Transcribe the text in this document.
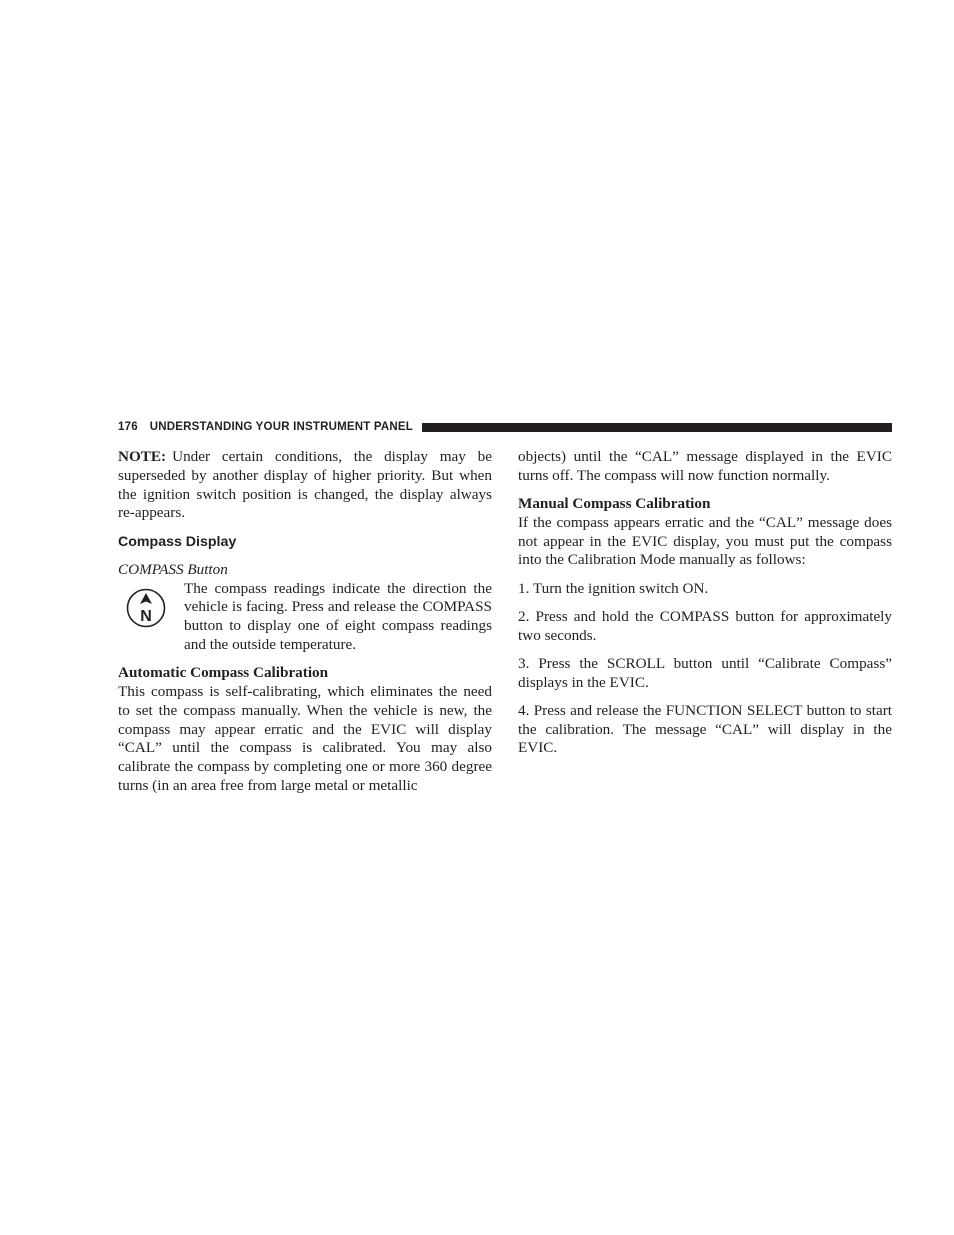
176 UNDERSTANDING YOUR INSTRUMENT PANEL

NOTE: Under certain conditions, the display may be superseded by another display of higher priority. But when the ignition switch position is changed, the display always re-appears.

Compass Display
COMPASS Button
N

The compass readings indicate the direction the vehicle is facing. Press and release the COMPASS button to display one of eight compass readings and the outside temperature.

Automatic Compass Calibration

This compass is self-calibrating, which eliminates the need to set the compass manually. When the vehicle is new, the compass may appear erratic and the EVIC will display “CAL” until the compass is calibrated. You may also calibrate the compass by completing one or more 360 degree turns (in an area free from large metal or metallic

objects) until the “CAL” message displayed in the EVIC turns off. The compass will now function normally.

Manual Compass Calibration

If the compass appears erratic and the “CAL” message does not appear in the EVIC display, you must put the compass into the Calibration Mode manually as follows:

1. Turn the ignition switch ON.

2. Press and hold the COMPASS button for approximately two seconds.

3. Press the SCROLL button until “Calibrate Compass” displays in the EVIC.

4. Press and release the FUNCTION SELECT button to start the calibration. The message “CAL” will display in the EVIC.
